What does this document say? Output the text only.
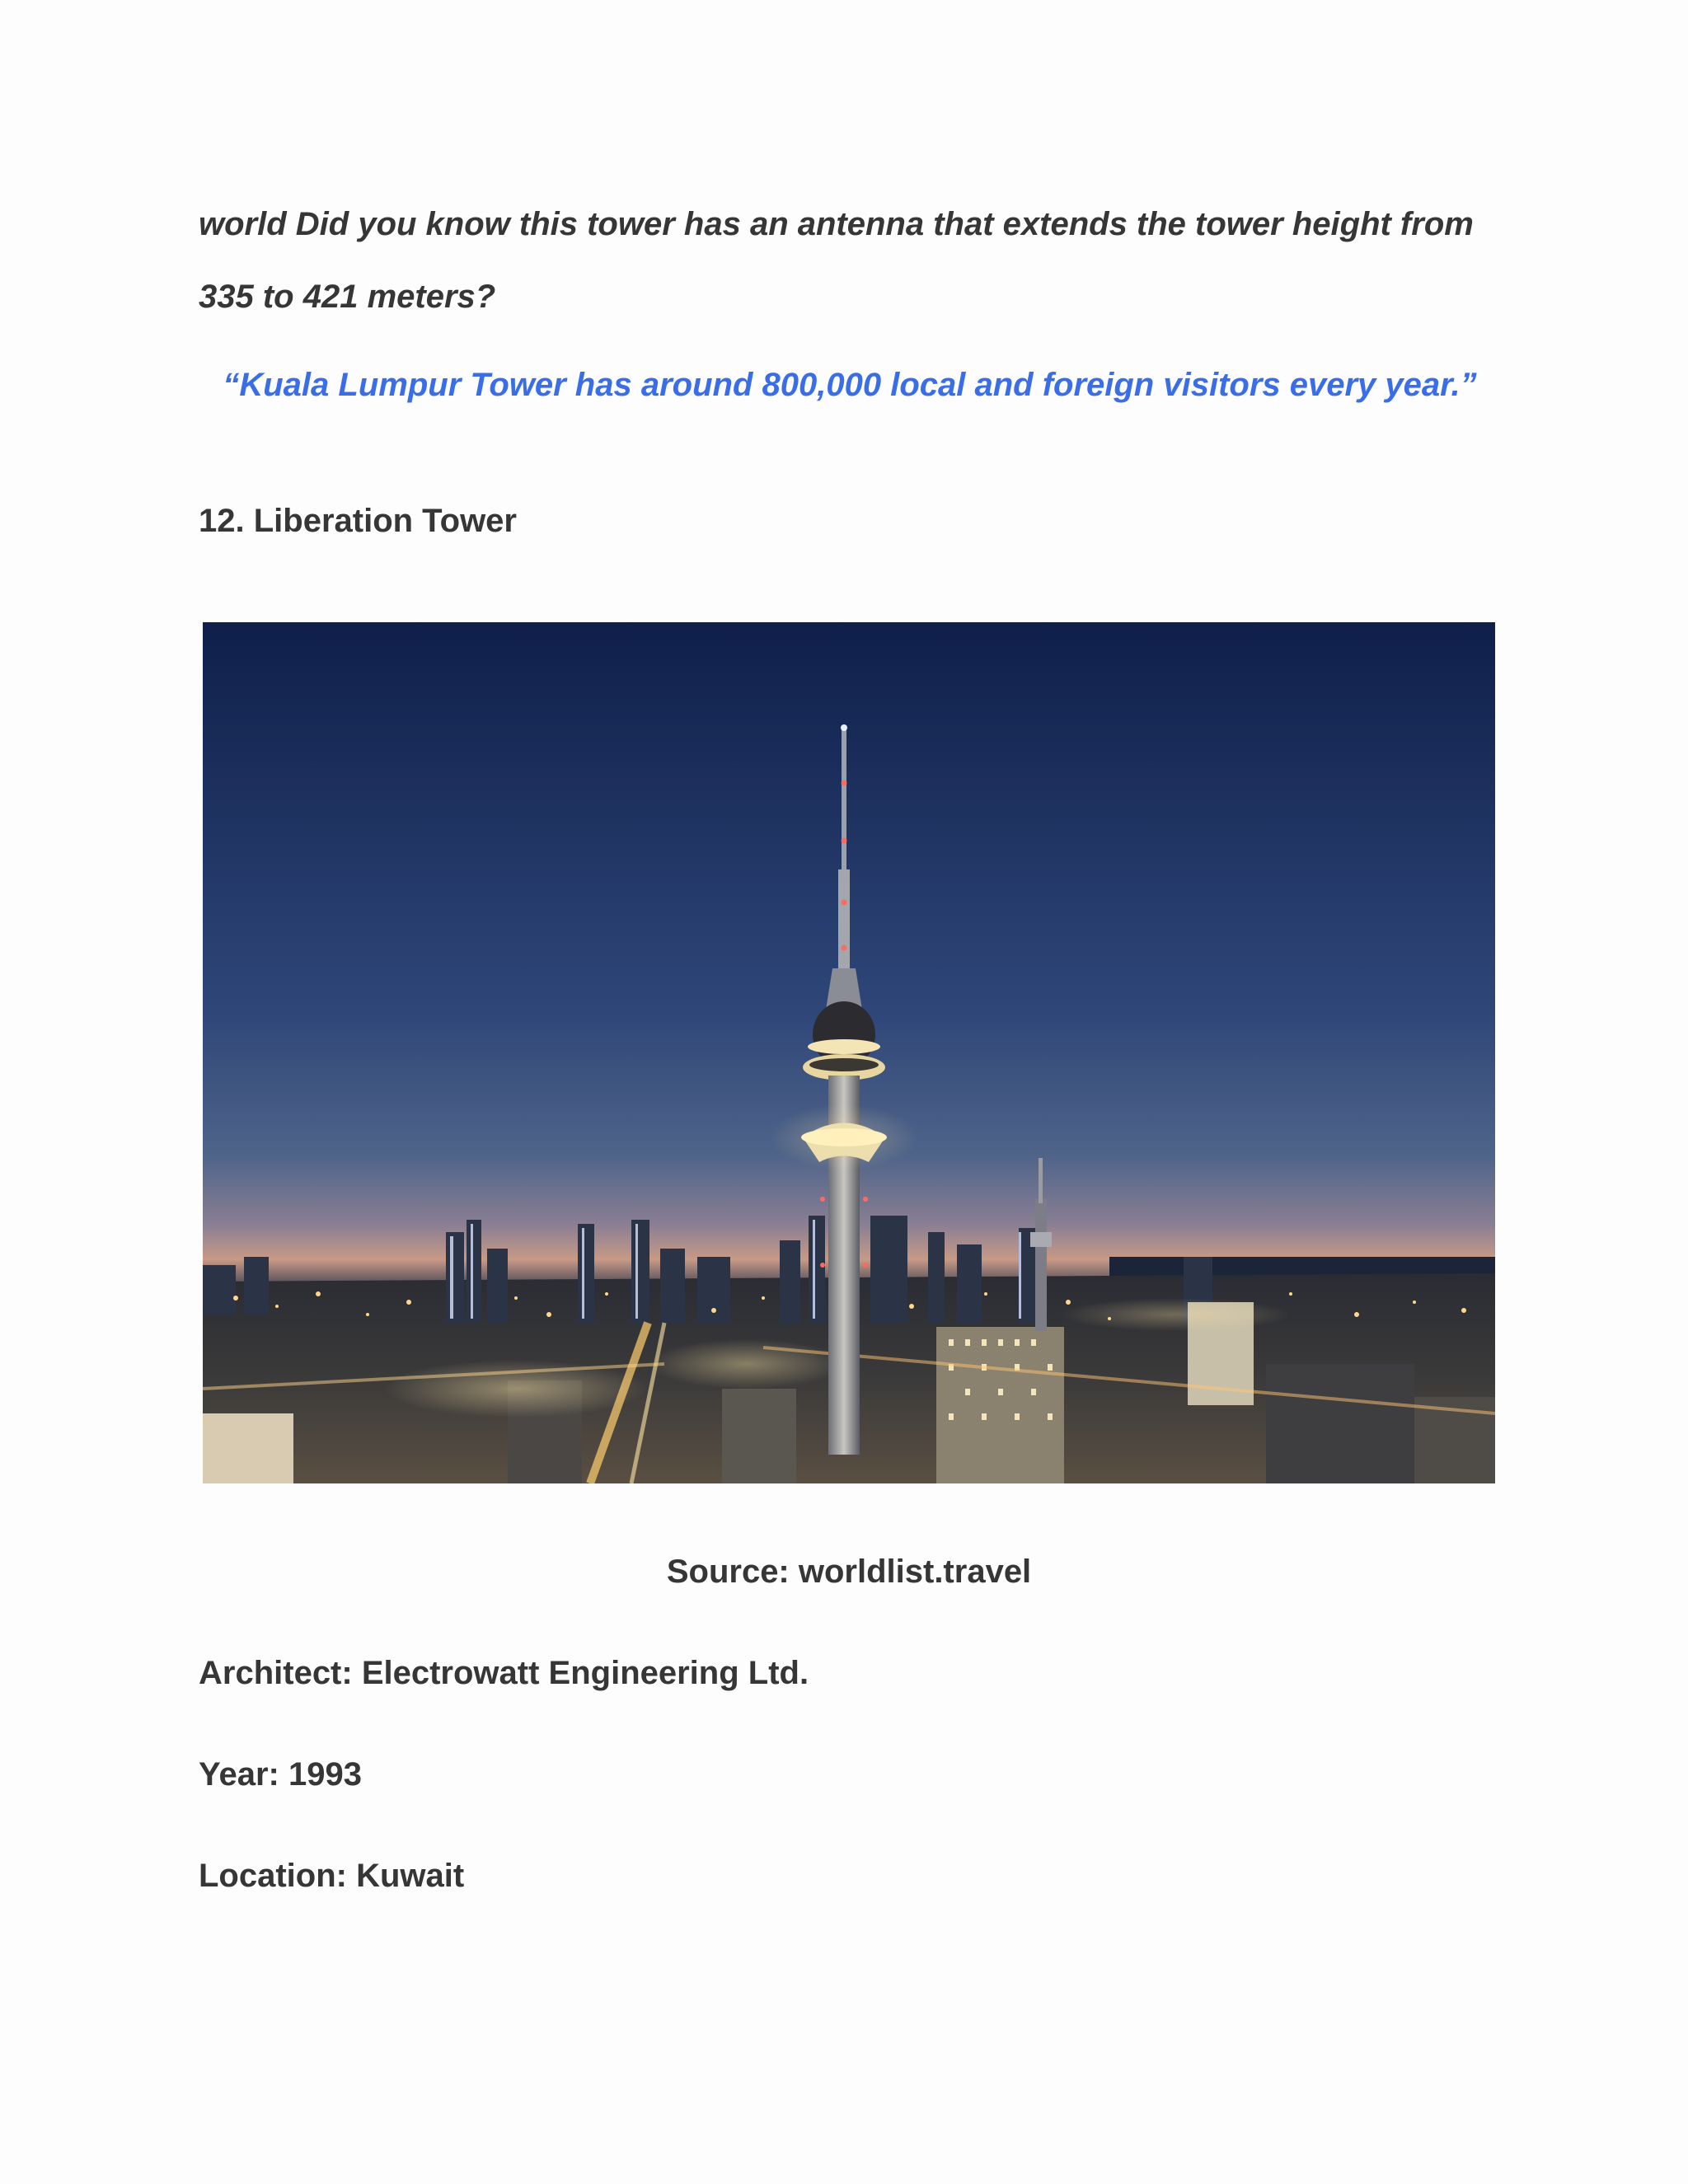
world Did you know this tower has an antenna that extends the tower height from 335 to 421 meters?

“Kuala Lumpur Tower has around 800,000 local and foreign visitors every year.”

12. Liberation Tower

Source: worldlist.travel

Architect: Electrowatt Engineering Ltd.

Year: 1993

Location: Kuwait
